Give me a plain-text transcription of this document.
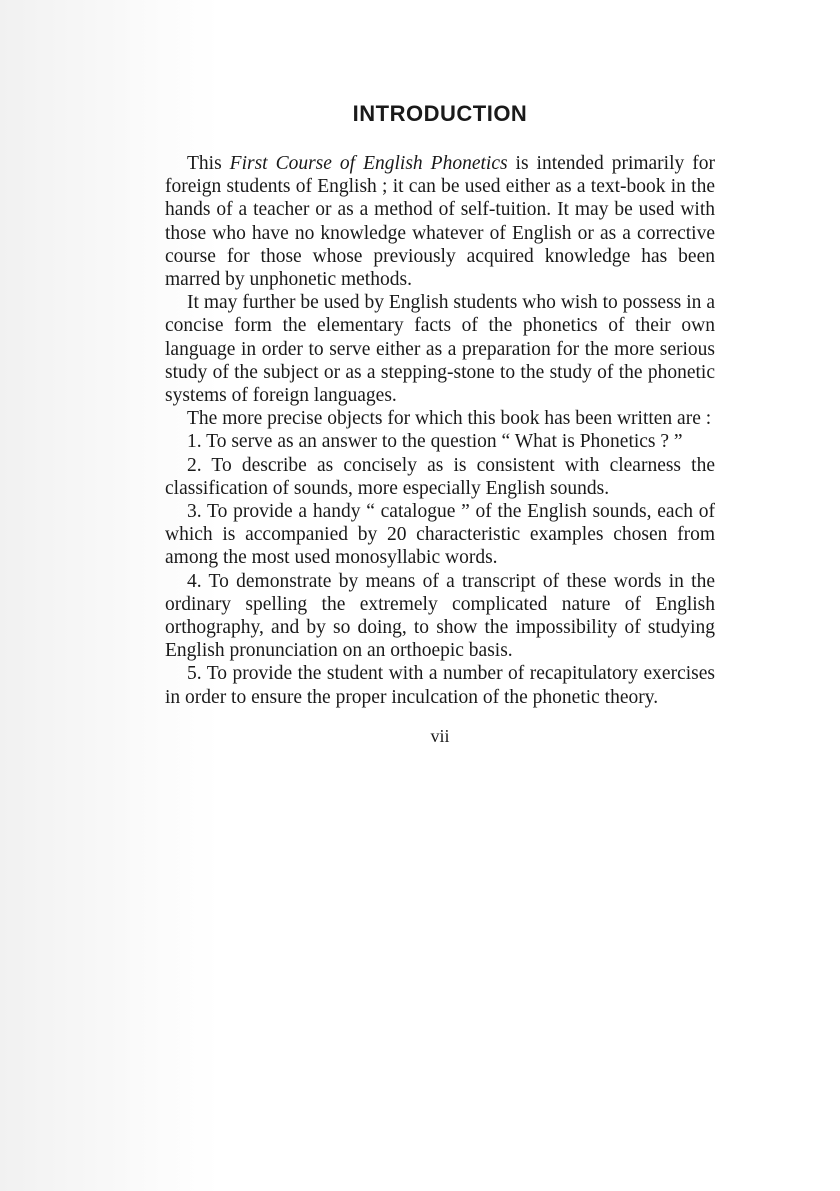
INTRODUCTION

This First Course of English Phonetics is intended primarily for foreign students of English ; it can be used either as a text-book in the hands of a teacher or as a method of self-tuition. It may be used with those who have no knowledge whatever of English or as a corrective course for those whose previously acquired knowledge has been marred by unphonetic methods.

It may further be used by English students who wish to possess in a concise form the elementary facts of the phonetics of their own language in order to serve either as a preparation for the more serious study of the subject or as a stepping-stone to the study of the phonetic systems of foreign languages.

The more precise objects for which this book has been written are :

1. To serve as an answer to the question “ What is Phonetics ? ”

2. To describe as concisely as is consistent with clearness the classification of sounds, more especially English sounds.

3. To provide a handy “ catalogue ” of the English sounds, each of which is accompanied by 20 characteristic examples chosen from among the most used monosyllabic words.

4. To demonstrate by means of a transcript of these words in the ordinary spelling the extremely complicated nature of English orthography, and by so doing, to show the impossibility of studying English pronunciation on an orthoepic basis.

5. To provide the student with a number of recapitulatory exercises in order to ensure the proper inculcation of the phonetic theory.

vii
